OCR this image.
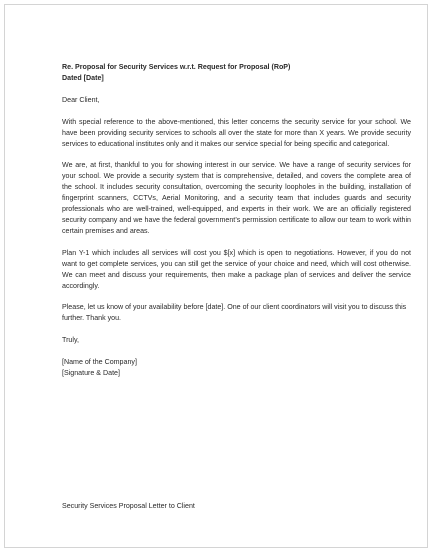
Re. Proposal for Security Services w.r.t. Request for Proposal (RoP)
Dated [Date]
Dear Client,
With special reference to the above-mentioned, this letter concerns the security service for your school. We have been providing security services to schools all over the state for more than X years. We provide security services to educational institutes only and it makes our service special for being specific and categorical.
We are, at first, thankful to you for showing interest in our service. We have a range of security services for your school. We provide a security system that is comprehensive, detailed, and covers the complete area of the school. It includes security consultation, overcoming the security loopholes in the building, installation of fingerprint scanners, CCTVs, Aerial Monitoring, and a security team that includes guards and security professionals who are well-trained, well-equipped, and experts in their work. We are an officially registered security company and we have the federal government’s permission certificate to allow our team to work within certain premises and areas.
Plan Y-1 which includes all services will cost you $[x] which is open to negotiations. However, if you do not want to get complete services, you can still get the service of your choice and need, which will cost otherwise. We can meet and discuss your requirements, then make a package plan of services and deliver the service accordingly.
Please, let us know of your availability before [date]. One of our client coordinators will visit you to discuss this further. Thank you.
Truly,
[Name of the Company]
[Signature & Date]
Security Services Proposal Letter to Client
